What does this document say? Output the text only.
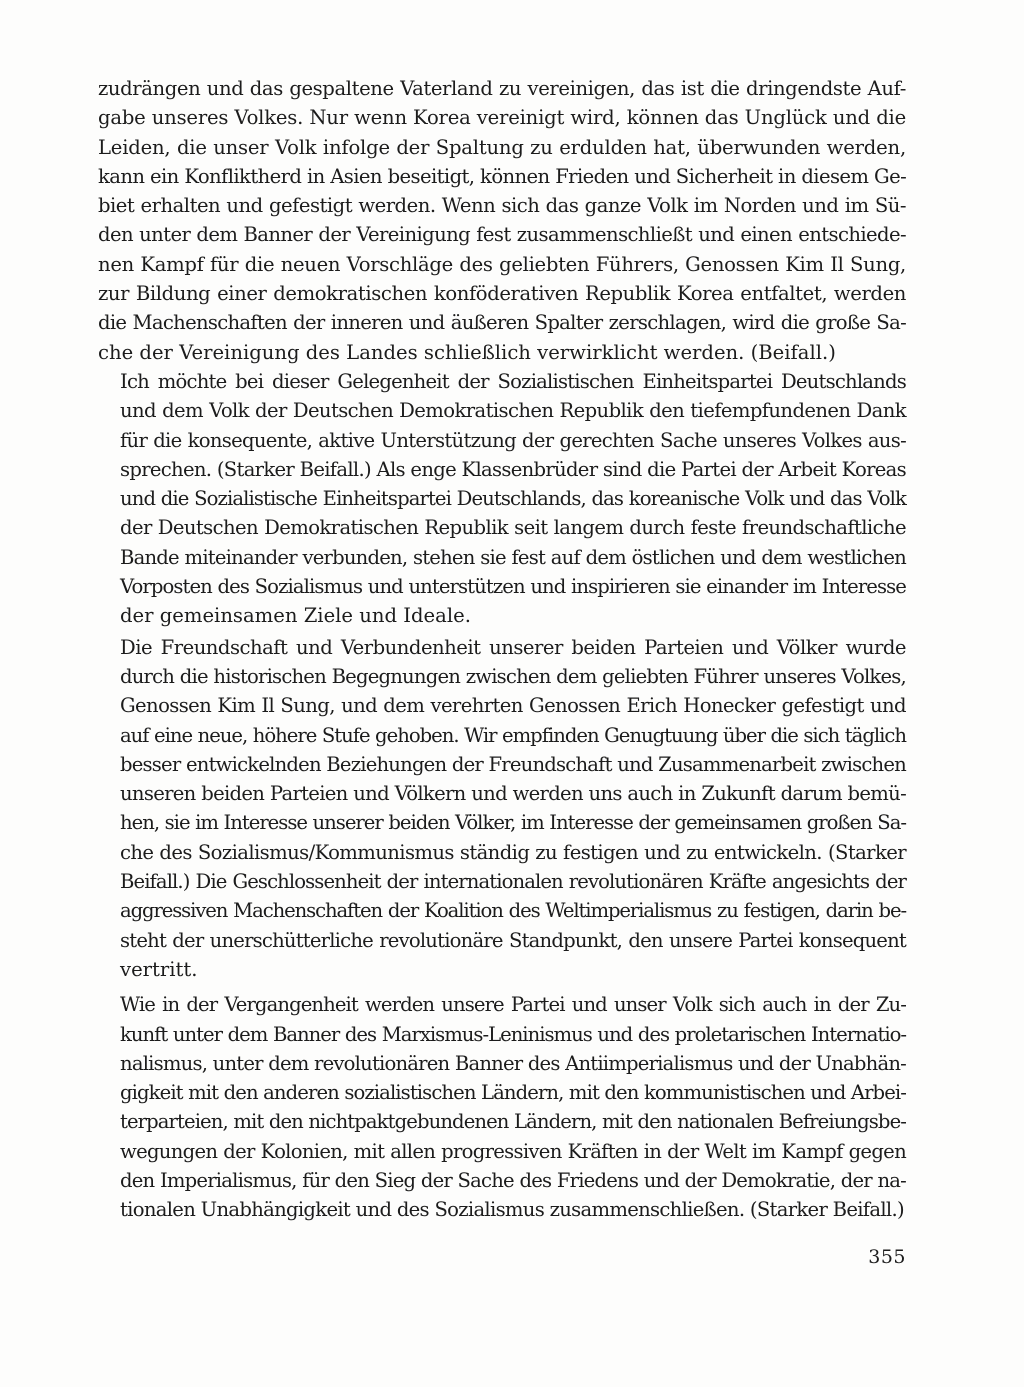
zudrängen und das gespaltene Vaterland zu vereinigen, das ist die dringendste Auf-
gabe unseres Volkes. Nur wenn Korea vereinigt wird, können das Unglück und die
Leiden, die unser Volk infolge der Spaltung zu erdulden hat, überwunden werden,
kann ein Konfliktherd in Asien beseitigt, können Frieden und Sicherheit in diesem Ge-
biet erhalten und gefestigt werden. Wenn sich das ganze Volk im Norden und im Sü-
den unter dem Banner der Vereinigung fest zusammenschließt und einen entschiede-
nen Kampf für die neuen Vorschläge des geliebten Führers, Genossen Kim Il Sung,
zur Bildung einer demokratischen konföderativen Republik Korea entfaltet, werden
die Machenschaften der inneren und äußeren Spalter zerschlagen, wird die große Sa-
che der Vereinigung des Landes schließlich verwirklicht werden. (Beifall.)

Ich möchte bei dieser Gelegenheit der Sozialistischen Einheitspartei Deutschlands
und dem Volk der Deutschen Demokratischen Republik den tiefempfundenen Dank
für die konsequente, aktive Unterstützung der gerechten Sache unseres Volkes aus-
sprechen. (Starker Beifall.) Als enge Klassenbrüder sind die Partei der Arbeit Koreas
und die Sozialistische Einheitspartei Deutschlands, das koreanische Volk und das Volk
der Deutschen Demokratischen Republik seit langem durch feste freundschaftliche
Bande miteinander verbunden, stehen sie fest auf dem östlichen und dem westlichen
Vorposten des Sozialismus und unterstützen und inspirieren sie einander im Interesse
der gemeinsamen Ziele und Ideale.

Die Freundschaft und Verbundenheit unserer beiden Parteien und Völker wurde
durch die historischen Begegnungen zwischen dem geliebten Führer unseres Volkes,
Genossen Kim Il Sung, und dem verehrten Genossen Erich Honecker gefestigt und
auf eine neue, höhere Stufe gehoben. Wir empfinden Genugtuung über die sich täglich
besser entwickelnden Beziehungen der Freundschaft und Zusammenarbeit zwischen
unseren beiden Parteien und Völkern und werden uns auch in Zukunft darum bemü-
hen, sie im Interesse unserer beiden Völker, im Interesse der gemeinsamen großen Sa-
che des Sozialismus/Kommunismus ständig zu festigen und zu entwickeln. (Starker
Beifall.) Die Geschlossenheit der internationalen revolutionären Kräfte angesichts der
aggressiven Machenschaften der Koalition des Weltimperialismus zu festigen, darin be-
steht der unerschütterliche revolutionäre Standpunkt, den unsere Partei konsequent
vertritt.

Wie in der Vergangenheit werden unsere Partei und unser Volk sich auch in der Zu-
kunft unter dem Banner des Marxismus-Leninismus und des proletarischen Internatio-
nalismus, unter dem revolutionären Banner des Antiimperialismus und der Unabhän-
gigkeit mit den anderen sozialistischen Ländern, mit den kommunistischen und Arbei-
terparteien, mit den nichtpaktgebundenen Ländern, mit den nationalen Befreiungsbe-
wegungen der Kolonien, mit allen progressiven Kräften in der Welt im Kampf gegen
den Imperialismus, für den Sieg der Sache des Friedens und der Demokratie, der na-
tionalen Unabhängigkeit und des Sozialismus zusammenschließen. (Starker Beifall.)

355
